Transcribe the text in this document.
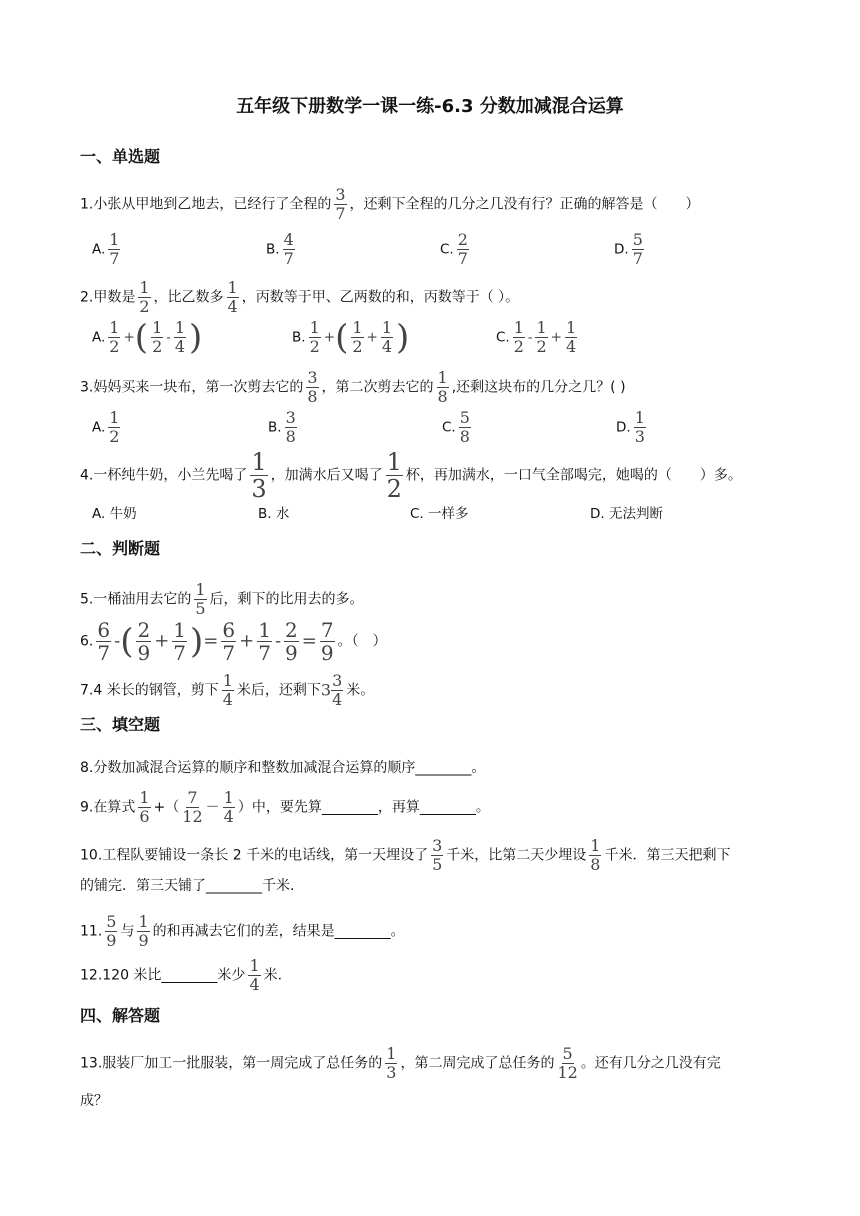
五年级下册数学一课一练-6.3 分数加减混合运算
一、单选题
1.小张从甲地到乙地去，已经行了全程的 $\frac{3}{7}$ ，还剩下全程的几分之几没有行？正确的解答是（　　）
A. $\frac{1}{7}$	B. $\frac{4}{7}$	C. $\frac{2}{7}$	D. $\frac{5}{7}$
2.甲数是 $\frac{1}{2}$ ，比乙数多 $\frac{1}{4}$ ，丙数等于甲、乙两数的和，丙数等于（ ）。
A. $\frac{1}{2}$ +( $\frac{1}{2} - \frac{1}{4}$ )	B. $\frac{1}{2}$ +( $\frac{1}{2} + \frac{1}{4}$ )	C. $\frac{1}{2} - \frac{1}{2} + \frac{1}{4}$
3.妈妈买来一块布，第一次剪去它的 $\frac{3}{8}$ ，第二次剪去它的 $\frac{1}{8}$ ,还剩这块布的几分之几？( )
A. $\frac{1}{2}$	B. $\frac{3}{8}$	C. $\frac{5}{8}$	D. $\frac{1}{3}$
4.一杯纯牛奶，小兰先喝了 $\frac{1}{3}$ ，加满水后又喝了 $\frac{1}{2}$ 杯，再加满水，一口气全部喝完，她喝的（　　）多。
A. 牛奶	B. 水	C. 一样多	D. 无法判断
二、判断题
5.一桶油用去它的 $\frac{1}{5}$ 后，剩下的比用去的多。
6. $\frac{6}{7}$ -( $\frac{2}{9} + \frac{1}{7}$ )= $\frac{6}{7} + \frac{1}{7} - \frac{2}{9} = \frac{7}{9}$ 。（　）
7.4 米长的钢管，剪下 $\frac{1}{4}$ 米后，还剩下$3 \frac{3}{4}$ 米。
三、填空题
8.分数加减混合运算的顺序和整数加减混合运算的顺序________。
9.在算式 $\frac{1}{6}$ +（ $\frac{7}{12} - \frac{1}{4}$ ）中，要先算________，再算________。
10.工程队要铺设一条长 2 千米的电话线，第一天埋设了 $\frac{3}{5}$ 千米，比第二天少埋设 $\frac{1}{8}$ 千米．第三天把剩下
的铺完．第三天铺了________千米.
11. $\frac{5}{9}$ 与 $\frac{1}{9}$ 的和再减去它们的差，结果是________。
12.120 米比________米少 $\frac{1}{4}$ 米.
四、解答题
13.服装厂加工一批服装，第一周完成了总任务的 $\frac{1}{3}$ ，第二周完成了总任务的 $\frac{5}{12}$ 。还有几分之几没有完
成？
